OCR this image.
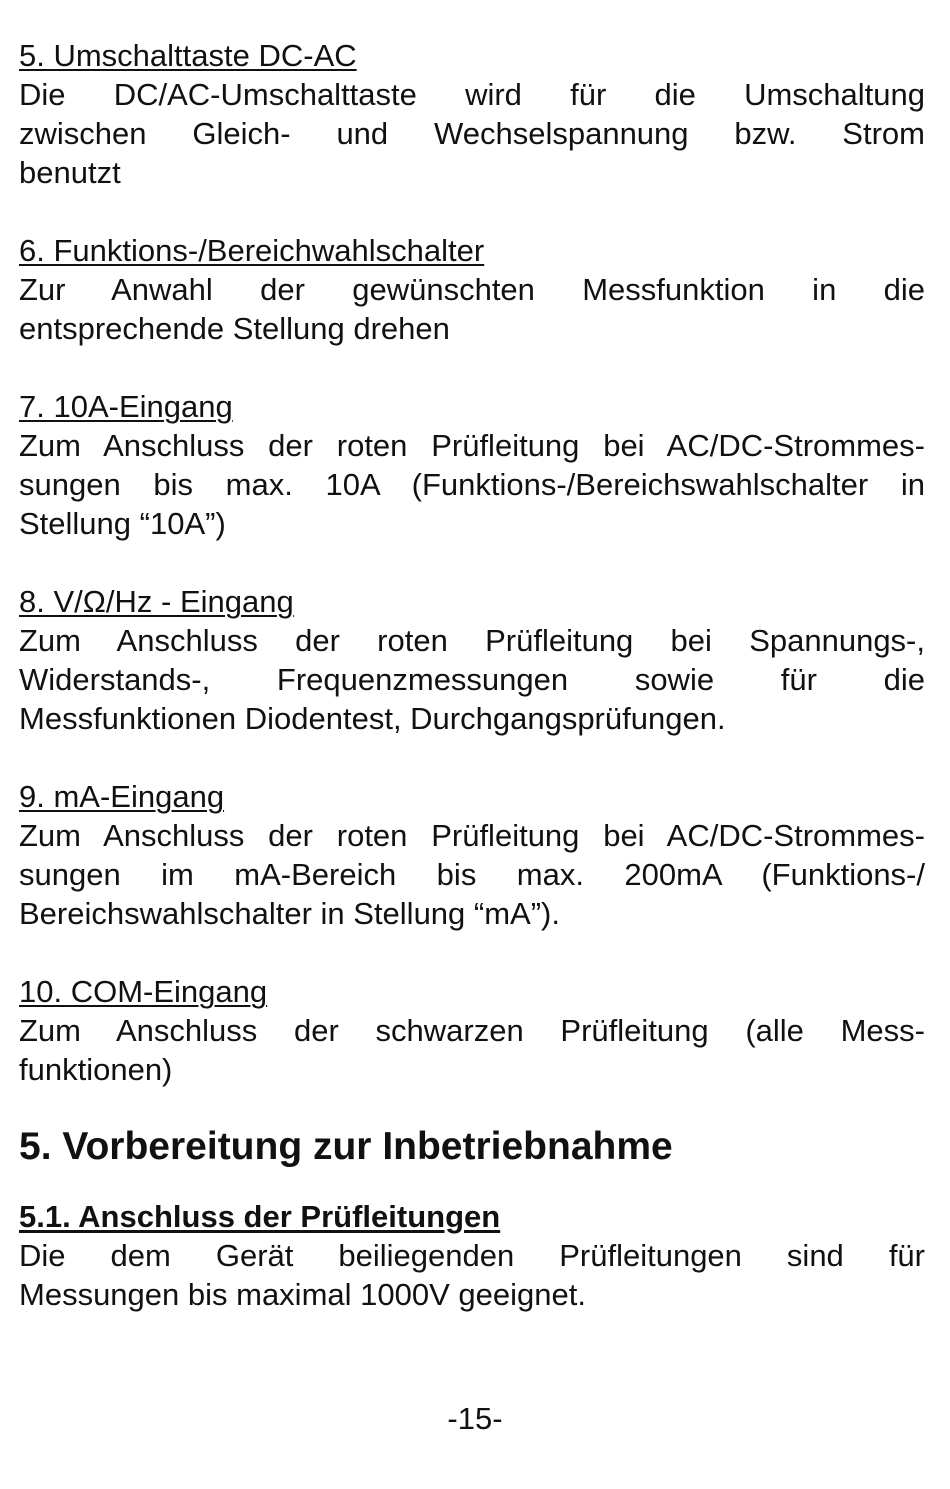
5. Umschalttaste DC-AC

Die DC/AC-Umschalttaste wird für die Umschaltung
zwischen Gleich- und Wechselspannung bzw. Strom
benutzt

6. Funktions-/Bereichwahlschalter

Zur Anwahl der gewünschten Messfunktion in die
entsprechende Stellung drehen

7. 10A-Eingang

Zum Anschluss der roten Prüfleitung bei AC/DC-Strommes-
sungen bis max. 10A (Funktions-/Bereichswahlschalter in
Stellung “10A”)

8. V/Ω/Hz - Eingang

Zum Anschluss der roten Prüfleitung bei Spannungs-,
Widerstands-, Frequenzmessungen sowie für die
Messfunktionen Diodentest, Durchgangsprüfungen.

9. mA-Eingang

Zum Anschluss der roten Prüfleitung bei AC/DC-Strommes-
sungen im mA-Bereich bis max. 200mA (Funktions-/
Bereichswahlschalter in Stellung “mA”).

10. COM-Eingang

Zum Anschluss der schwarzen Prüfleitung (alle Mess-
funktionen)

5. Vorbereitung zur Inbetriebnahme

5.1. Anschluss der Prüfleitungen

Die dem Gerät beiliegenden Prüfleitungen sind für
Messungen bis maximal 1000V geeignet.

-15-
